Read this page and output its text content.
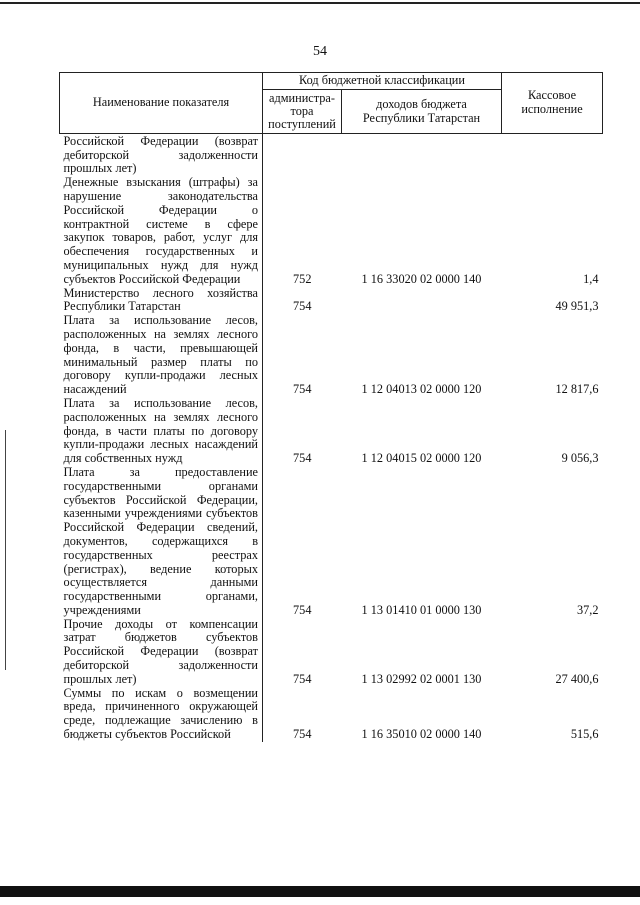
54
Наименование показателя	Код бюджетной классификации		Кассовое
исполнение
	администра-
тора
поступлений	доходов бюджета
Республики Татарстан	
Российской Федерации (возврат дебиторской задолженности прошлых лет)			
Денежные взыскания (штрафы) за нарушение законодательства Российской Федерации о контрактной системе в сфере закупок товаров, работ, услуг для обеспечения государственных и муниципальных нужд для нужд субъектов Российской Федерации	752	1 16 33020 02 0000 140	1,4
Министерство лесного хозяйства Республики Татарстан	754		49 951,3
Плата за использование лесов, расположенных на землях лесного фонда, в части, превышающей минимальный размер платы по договору купли-продажи лесных насаждений	754	1 12 04013 02 0000 120	12 817,6
Плата за использование лесов, расположенных на землях лесного фонда, в части платы по договору купли-продажи лесных насаждений для собственных нужд	754	1 12 04015 02 0000 120	9 056,3
Плата за предоставление государственными органами субъектов Российской Федерации, казенными учреждениями субъектов Российской Федерации сведений, документов, содержащихся в государственных реестрах (регистрах), ведение которых осуществляется данными государственными органами, учреждениями	754	1 13 01410 01 0000 130	37,2
Прочие доходы от компенсации затрат бюджетов субъектов Российской Федерации (возврат дебиторской задолженности прошлых лет)	754	1 13 02992 02 0001 130	27 400,6
Суммы по искам о возмещении вреда, причиненного окружающей среде, подлежащие зачислению в бюджеты субъектов Российской	754	1 16 35010 02 0000 140	515,6
